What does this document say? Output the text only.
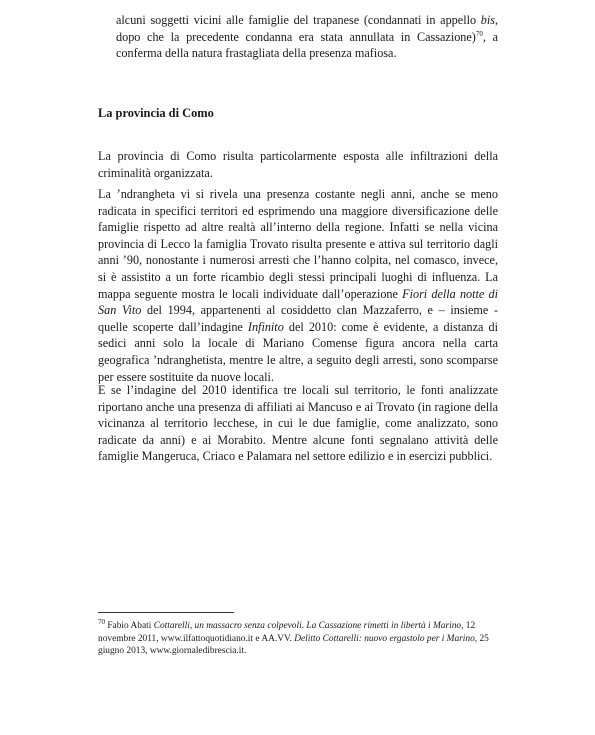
alcuni soggetti vicini alle famiglie del trapanese (condannati in appello bis,
dopo che la precedente condanna era stata annullata in Cassazione)$^{70}$, a
conferma della natura frastagliata della presenza mafiosa.

La provincia di Como

La provincia di Como risulta particolarmente esposta alle infiltrazioni della criminalità organizzata.

La ’ndrangheta vi si rivela una presenza costante negli anni, anche se meno radicata in specifici territori ed esprimendo una maggiore diversificazione delle famiglie rispetto ad altre realtà all’interno della regione. Infatti se nella vicina provincia di Lecco la famiglia Trovato risulta presente e attiva sul territorio dagli anni ’90, nonostante i numerosi arresti che l’hanno colpita, nel comasco, invece, si è assistito a un forte ricambio degli stessi principali luoghi di influenza. La mappa seguente mostra le locali individuate dall’operazione Fiori della notte di San Vito del 1994, appartenenti al cosiddetto clan Mazzaferro, e – insieme - quelle scoperte dall’indagine Infinito del 2010: come è evidente, a distanza di sedici anni solo la locale di Mariano Comense figura ancora nella carta geografica ’ndranghetista, mentre le altre, a seguito degli arresti, sono scomparse per essere sostituite da nuove locali.

E se l’indagine del 2010 identifica tre locali sul territorio, le fonti analizzate riportano anche una presenza di affiliati ai Mancuso e ai Trovato (in ragione della vicinanza al territorio lecchese, in cui le due famiglie, come analizzato, sono radicate da anni) e ai Morabito. Mentre alcune fonti segnalano attività delle famiglie Mangeruca, Criaco e Palamara nel settore edilizio e in esercizi pubblici.

$^{70}$ Fabio Abati Cottarelli, un massacro senza colpevoli. La Cassazione rimetti in libertà i Marino, 12 novembre 2011, www.ilfattoquotidiano.it e AA.VV. Delitto Cottarelli: nuovo ergastolo per i Marino, 25 giugno 2013, www.giornaledibrescia.it.
